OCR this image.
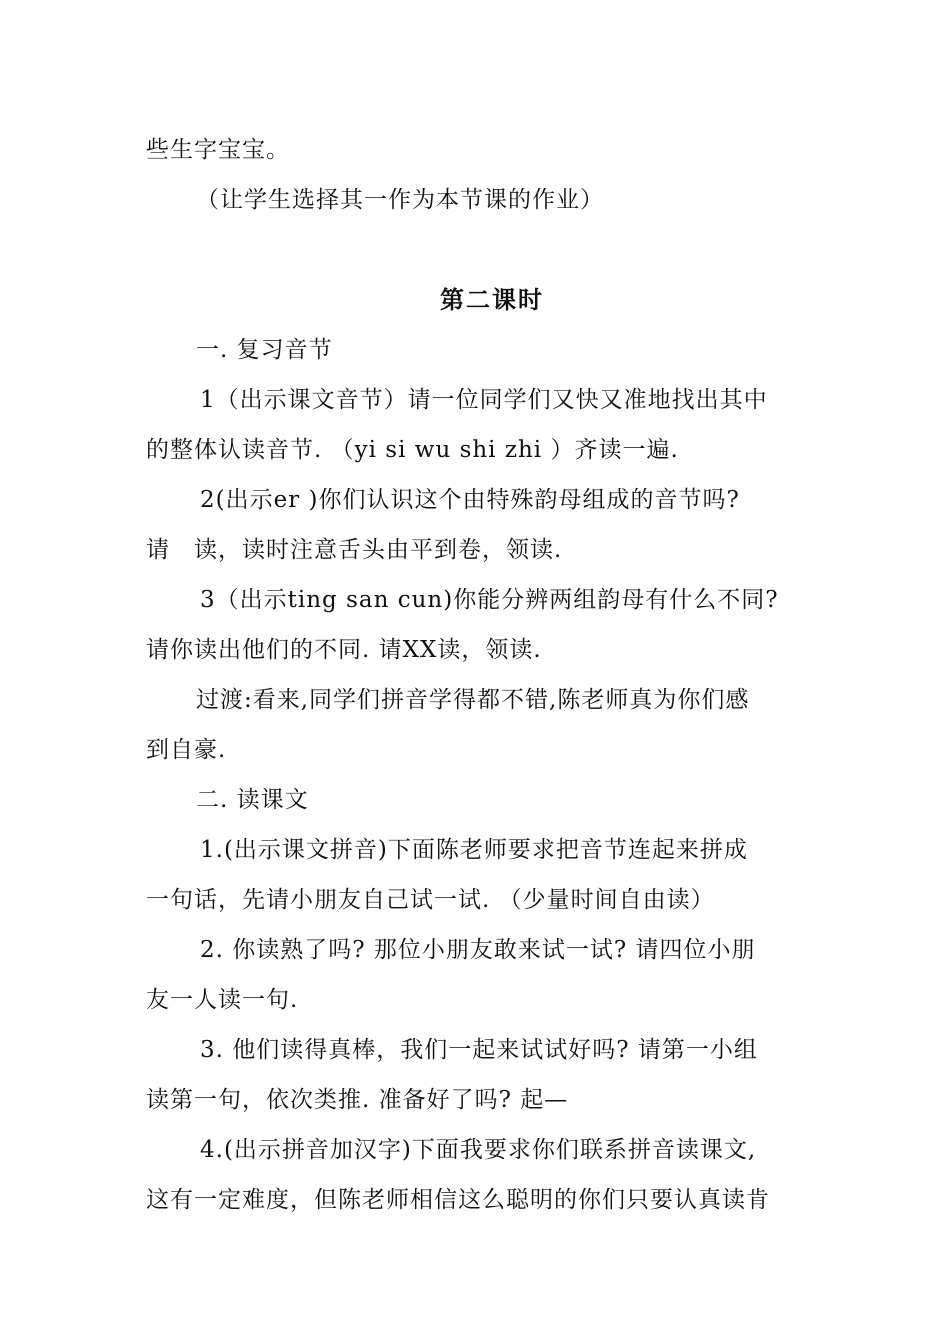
些生字宝宝。
（让学生选择其一作为本节课的作业）
第二课时
一. 复习音节
1（出示课文音节）请一位同学们又快又准地找出其中
的整体认读音节. （yi si wu shi zhi ）齐读一遍.
2(出示er )你们认识这个由特殊韵母组成的音节吗?
请　读，读时注意舌头由平到卷，领读.
3（出示ting san cun)你能分辨两组韵母有什么不同?
请你读出他们的不同. 请XX读，领读.
过渡:看来,同学们拼音学得都不错,陈老师真为你们感
到自豪.
二. 读课文
1.(出示课文拼音)下面陈老师要求把音节连起来拼成
一句话，先请小朋友自己试一试. （少量时间自由读）
2. 你读熟了吗? 那位小朋友敢来试一试? 请四位小朋
友一人读一句.
3. 他们读得真棒，我们一起来试试好吗? 请第一小组
读第一句，依次类推. 准备好了吗? 起—
4.(出示拼音加汉字)下面我要求你们联系拼音读课文,
这有一定难度，但陈老师相信这么聪明的你们只要认真读肯
